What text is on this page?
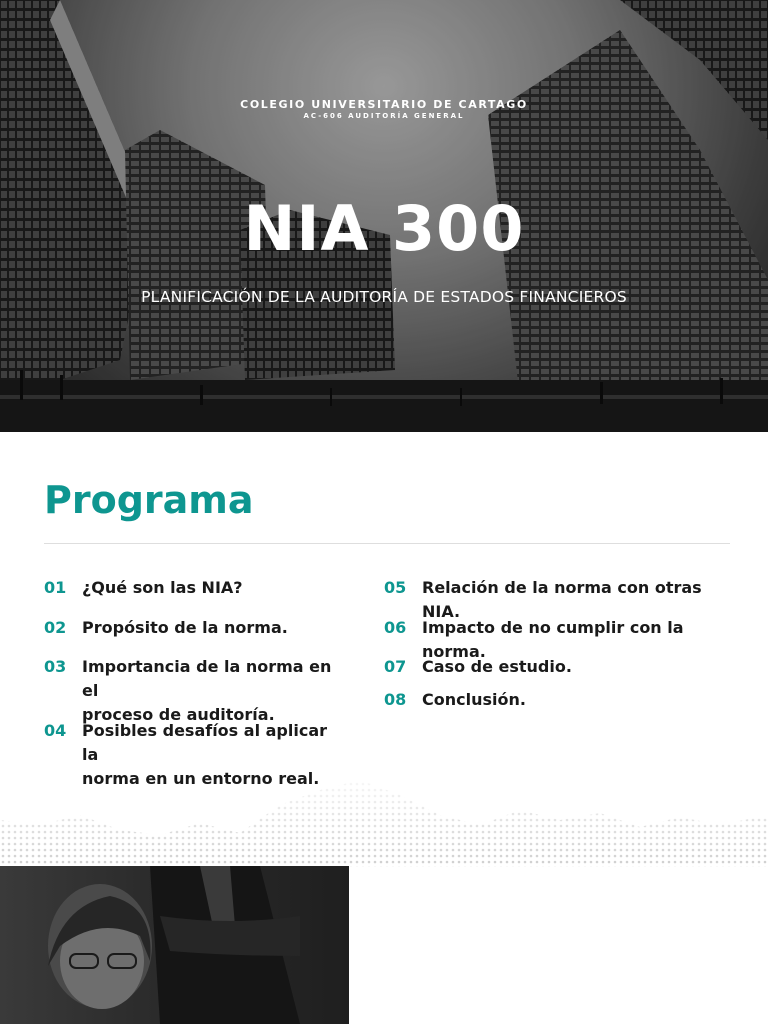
COLEGIO UNIVERSITARIO DE CARTAGO
AC-606 AUDITORÍA GENERAL
NIA 300
PLANIFICACIÓN DE LA AUDITORÍA DE ESTADOS FINANCIEROS
Programa
01 ¿Qué son las NIA?
02 Propósito de la norma.
03 Importancia de la norma en el
proceso de auditoría.
04 Posibles desafíos al aplicar la
norma en un entorno real.
05 Relación de la norma con otras NIA.
06 Impacto de no cumplir con la norma.
07 Caso de estudio.
08 Conclusión.
